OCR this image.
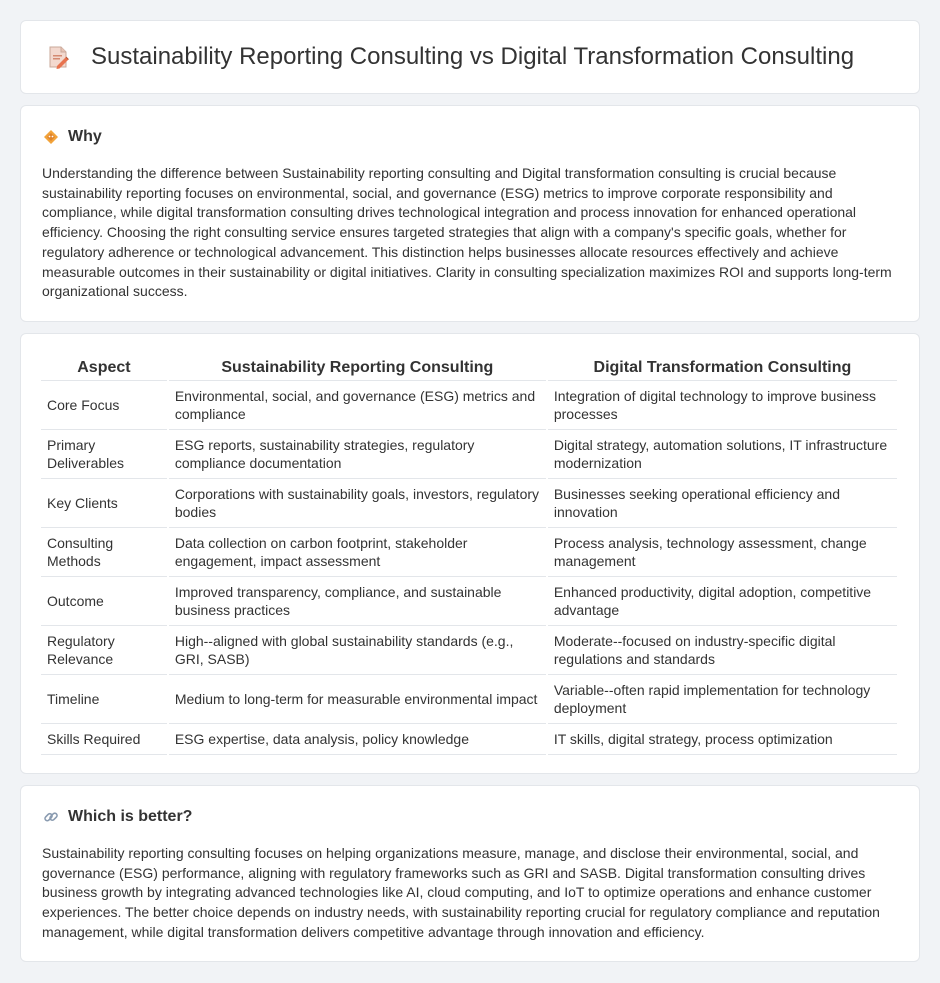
Sustainability Reporting Consulting vs Digital Transformation Consulting
Why

Understanding the difference between Sustainability reporting consulting and Digital transformation consulting is crucial because sustainability reporting focuses on environmental, social, and governance (ESG) metrics to improve corporate responsibility and compliance, while digital transformation consulting drives technological integration and process innovation for enhanced operational efficiency. Choosing the right consulting service ensures targeted strategies that align with a company's specific goals, whether for regulatory adherence or technological advancement. This distinction helps businesses allocate resources effectively and achieve measurable outcomes in their sustainability or digital initiatives. Clarity in consulting specialization maximizes ROI and supports long-term organizational success.

Aspect	Sustainability Reporting Consulting	Digital Transformation Consulting
Core Focus	Environmental, social, and governance (ESG) metrics and compliance	Integration of digital technology to improve business processes
Primary Deliverables	ESG reports, sustainability strategies, regulatory compliance documentation	Digital strategy, automation solutions, IT infrastructure modernization
Key Clients	Corporations with sustainability goals, investors, regulatory bodies	Businesses seeking operational efficiency and innovation
Consulting Methods	Data collection on carbon footprint, stakeholder engagement, impact assessment	Process analysis, technology assessment, change management
Outcome	Improved transparency, compliance, and sustainable business practices	Enhanced productivity, digital adoption, competitive advantage
Regulatory Relevance	High--aligned with global sustainability standards (e.g., GRI, SASB)	Moderate--focused on industry-specific digital regulations and standards
Timeline	Medium to long-term for measurable environmental impact	Variable--often rapid implementation for technology deployment
Skills Required	ESG expertise, data analysis, policy knowledge	IT skills, digital strategy, process optimization
Which is better?

Sustainability reporting consulting focuses on helping organizations measure, manage, and disclose their environmental, social, and governance (ESG) performance, aligning with regulatory frameworks such as GRI and SASB. Digital transformation consulting drives business growth by integrating advanced technologies like AI, cloud computing, and IoT to optimize operations and enhance customer experiences. The better choice depends on industry needs, with sustainability reporting crucial for regulatory compliance and reputation management, while digital transformation delivers competitive advantage through innovation and efficiency.
